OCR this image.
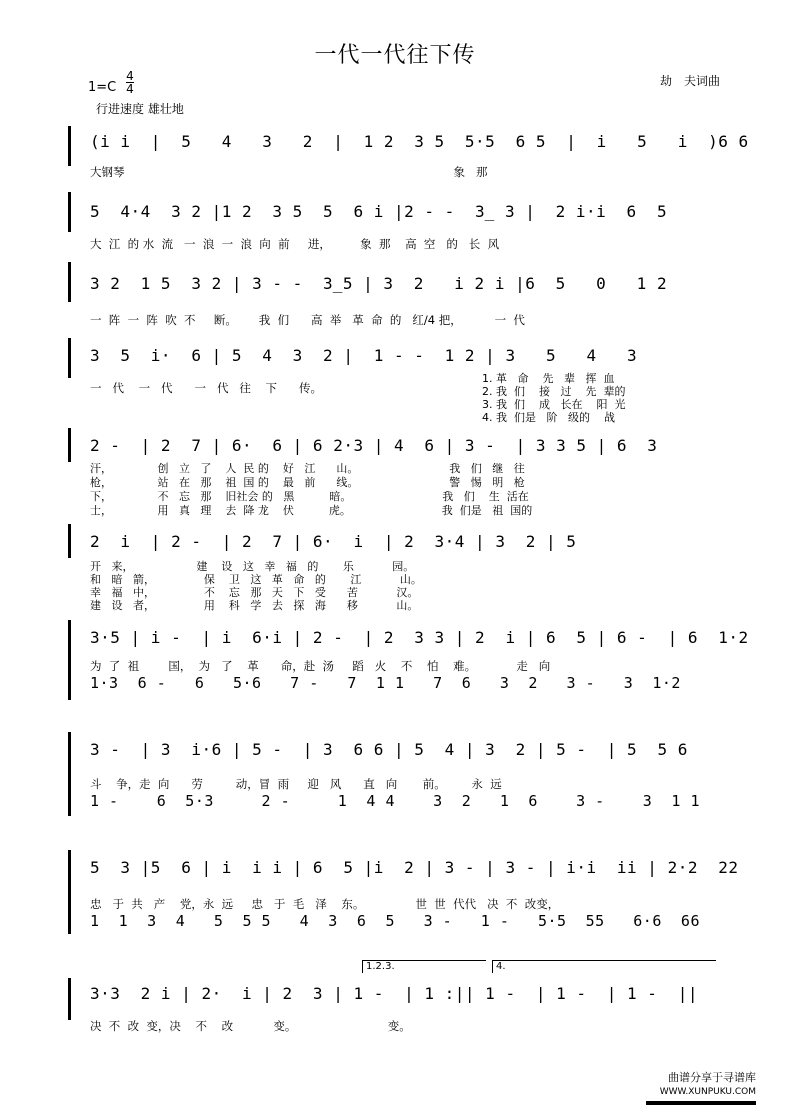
一代一代往下传
1=C
4
4
行进速度 雄壮地
劫　夫词曲
(i i  |  5   4   3   2  |  1 2  3 5  5·5  6 5  |  i   5   i  )6 6
大钢琴                                                                                          象   那
5  4·4  3 2 |1 2  3 5  5  6 i |2 - -  3̲ 3 |  2 i·i  6  5
大  江  的 水  流   一  浪  一  浪  向  前     进，        象  那    高  空   的   长  风
3 2  1 5  3 2 | 3 - -  3̲5 | 3  2   i 2 i |6  5   0   1 2
一  阵  一  阵  吹  不     断。      我  们      高  举   革  命  的   红/4 把，         一  代
3  5  i·  6 | 5  4  3  2 |  1 - -  1 2 | 3   5   4   3
一   代    一   代      一   代   往    下      传。
1. 革   命    先   辈   挥  血
2. 我  们    接   过    先  辈的
3. 我  们    成   长在    阳  光
4. 我  们是   阶   级的    战
2 -  | 2  7 | 6·  6 | 6 2·3 | 4  6 | 3 -  | 3 3 5 | 6  3
汗，             创   立   了    人  民 的    好   江      山。                          我   们   继   往
枪，             站   在   那    祖  国 的    最   前      线。                          警   惕   明   枪
下，             不   忘   那    旧社会 的   黑          暗。                          我   们    生  活在
士，             用   真   理    去  降 龙    伏          虎。                          我  们是   祖  国的
2  i  | 2 -  | 2  7 | 6·  i  | 2  3·4 | 3  2 | 5
开   来，                  建    设   这   幸   福   的       乐           园。
和   暗   箭，              保    卫   这   革   命   的       江           山。
幸   福   中，              不    忘   那   天   下   受      苦           汉。
建   设   者，              用    科   学   去   探   海      移           山。
3·5 | i -  | i  6·i | 2 -  | 2  3 3 | 2  i | 6  5 | 6 -  | 6  1·2
为  了  祖        国，  为   了    革      命，赴  汤     蹈   火    不    怕    难。           走   向
1·3  6 -   6   5·6   7 -   7  1 1   7  6   3  2   3 -   3  1·2
3 -  | 3  i·6 | 5 -  | 3  6 6 | 5  4 | 3  2 | 5 -  | 5  5 6
斗    争，走  向      劳         动，冒  雨     迎   风      直   向       前。       永  远
1 -    6  5·3     2 -     1  4 4    3  2   1  6    3 -    3  1 1
5  3 |5  6 | i  i i | 6  5 |i  2 | 3 - | 3 - | i·i  ii | 2·2  22
忠   于  共   产    党，永  远     忠   于  毛   泽    东。              世  世  代代   决  不  改变，
1  1  3  4   5  5 5   4  3  6  5   3 -   1 -   5·5  55   6·6  66
1.2.3.	4.
3·3  2 i | 2·  i | 2  3 | 1 -  | 1 :|| 1 -  | 1 -  | 1 -  ||
决  不  改  变，决    不    改           变。                         变。
曲谱分享于寻谱库
WWW.XUNPUKU.COM
